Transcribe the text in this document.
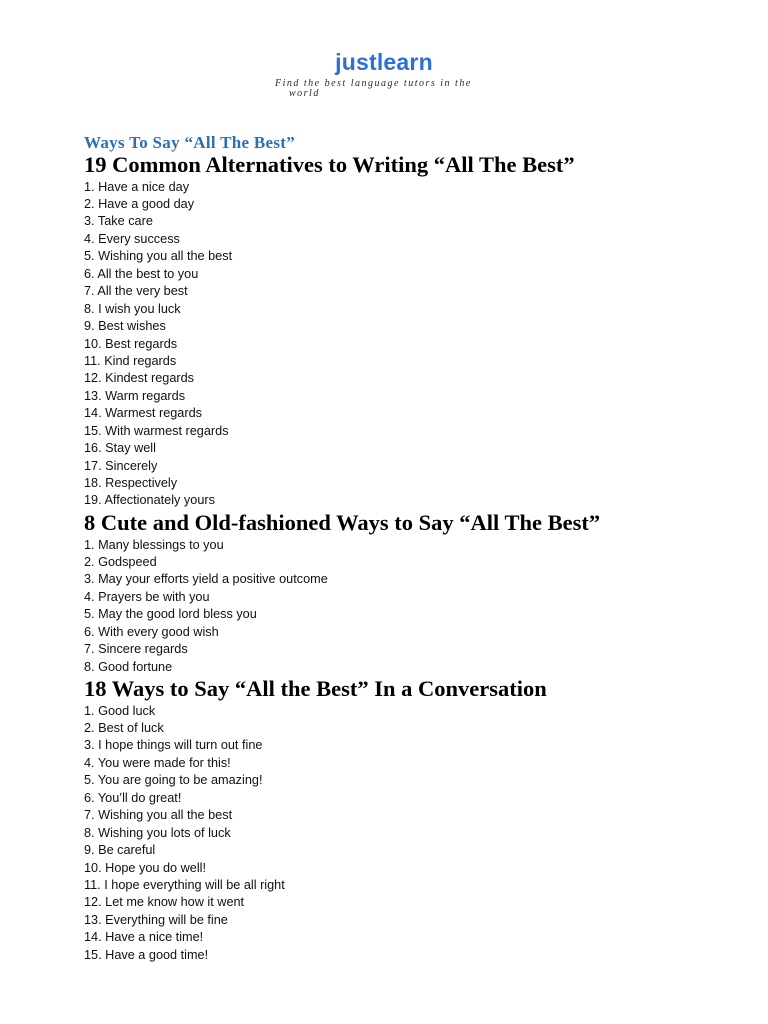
justlearn
Find the best language tutors in the world
Ways To Say “All The Best”
19 Common Alternatives to Writing “All The Best”
1. Have a nice day
2. Have a good day
3. Take care
4. Every success
5. Wishing you all the best
6. All the best to you
7. All the very best
8. I wish you luck
9. Best wishes
10. Best regards
11. Kind regards
12. Kindest regards
13. Warm regards
14. Warmest regards
15. With warmest regards
16. Stay well
17. Sincerely
18. Respectively
19. Affectionately yours
8 Cute and Old-fashioned Ways to Say “All The Best”
1. Many blessings to you
2. Godspeed
3. May your efforts yield a positive outcome
4. Prayers be with you
5. May the good lord bless you
6. With every good wish
7. Sincere regards
8. Good fortune
18 Ways to Say “All the Best” In a Conversation
1. Good luck
2. Best of luck
3. I hope things will turn out fine
4. You were made for this!
5. You are going to be amazing!
6. You’ll do great!
7. Wishing you all the best
8. Wishing you lots of luck
9. Be careful
10. Hope you do well!
11. I hope everything will be all right
12. Let me know how it went
13. Everything will be fine
14. Have a nice time!
15. Have a good time!
